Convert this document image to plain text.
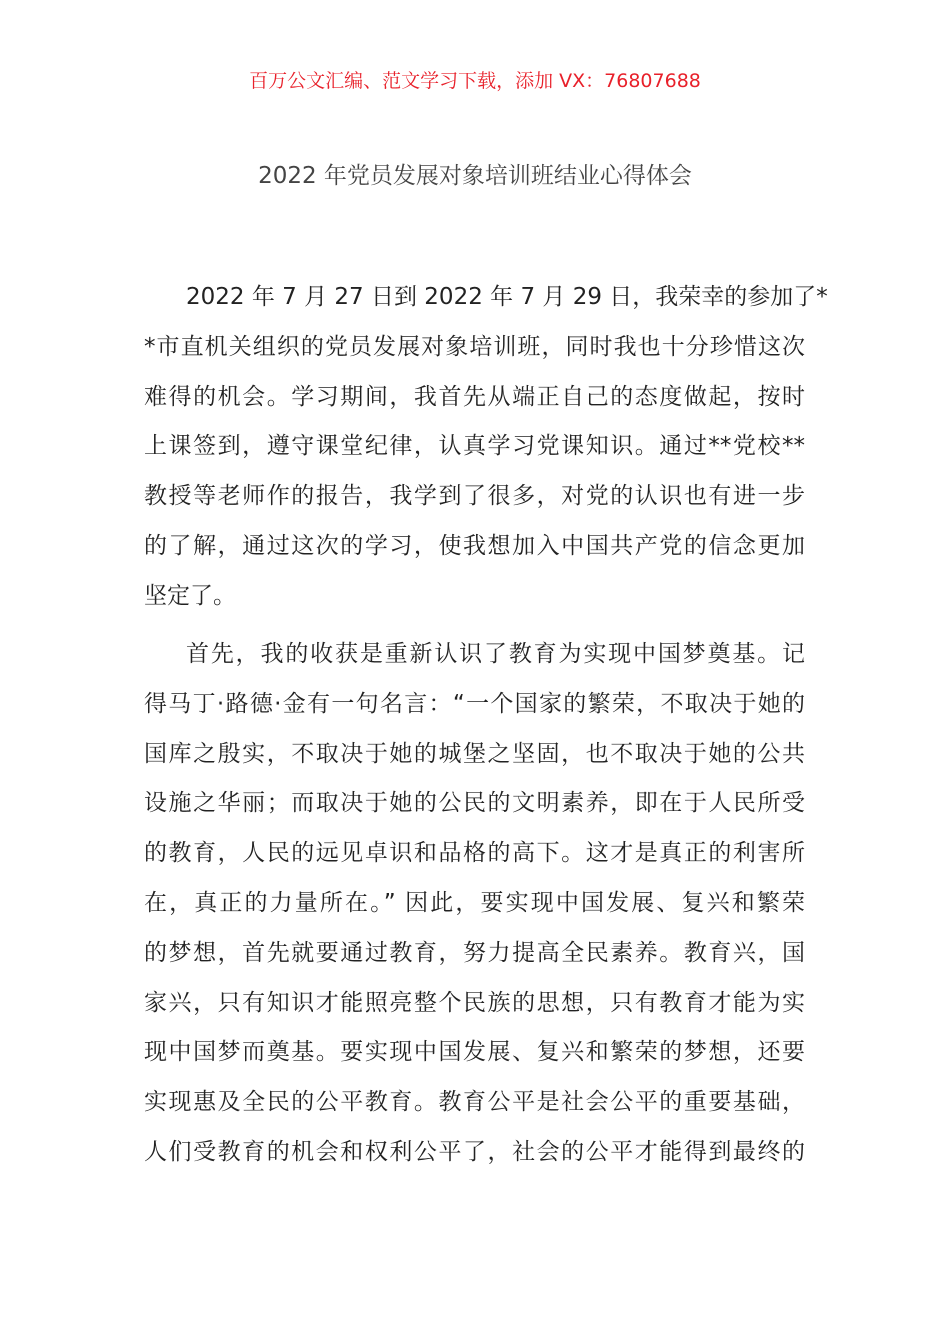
百万公文汇编、范文学习下载，添加 VX：76807688
2022 年党员发展对象培训班结业心得体会
2022 年 7 月 27 日到 2022 年 7 月 29 日，我荣幸的参加了*
*市直机关组织的党员发展对象培训班，同时我也十分珍惜这次
难得的机会。学习期间，我首先从端正自己的态度做起，按时
上课签到，遵守课堂纪律，认真学习党课知识。通过**党校**
教授等老师作的报告，我学到了很多，对党的认识也有进一步
的了解，通过这次的学习，使我想加入中国共产党的信念更加
坚定了。
首先，我的收获是重新认识了教育为实现中国梦奠基。记
得马丁·路德·金有一句名言：“一个国家的繁荣，不取决于她的
国库之殷实，不取决于她的城堡之坚固，也不取决于她的公共
设施之华丽；而取决于她的公民的文明素养，即在于人民所受
的教育，人民的远见卓识和品格的高下。这才是真正的利害所
在，真正的力量所在。” 因此，要实现中国发展、复兴和繁荣
的梦想，首先就要通过教育，努力提高全民素养。教育兴，国
家兴，只有知识才能照亮整个民族的思想，只有教育才能为实
现中国梦而奠基。要实现中国发展、复兴和繁荣的梦想，还要
实现惠及全民的公平教育。教育公平是社会公平的重要基础，
人们受教育的机会和权利公平了，社会的公平才能得到最终的
